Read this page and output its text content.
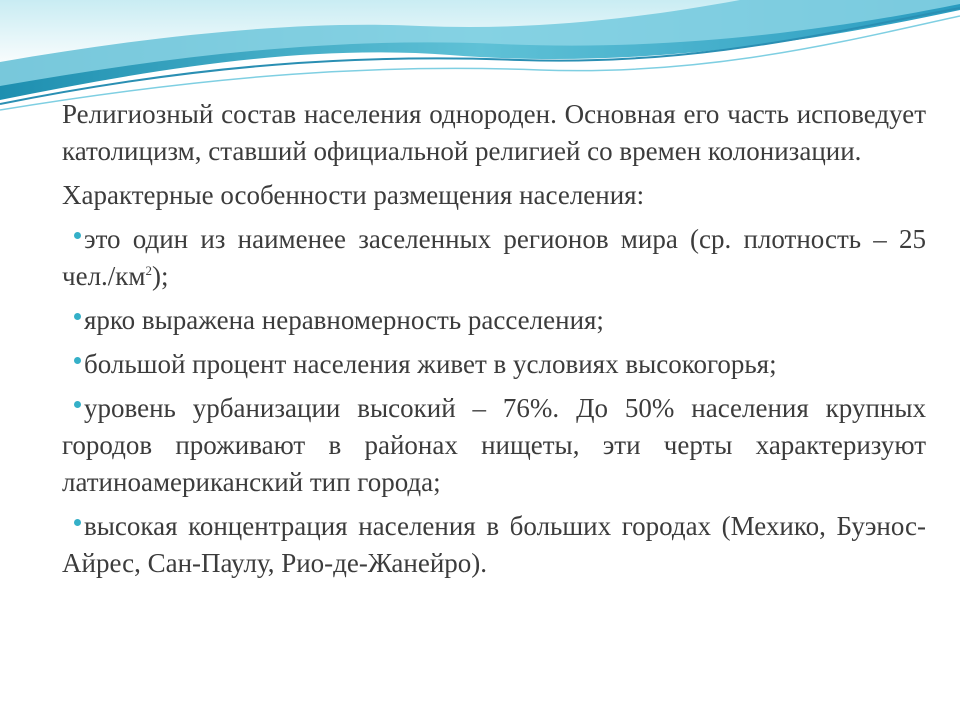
Религиозный состав населения однороден. Основная его часть исповедует католицизм, ставший официальной религией со времен колонизации.

Характерные особенности размещения населения:

это один из наименее заселенных регионов мира (ср. плотность – 25 $чел./км^2$);
ярко выражена неравномерность расселения;
большой процент населения живет в условиях высокогорья;
уровень урбанизации высокий – 76%. До 50% населения крупных городов проживают в районах нищеты, эти черты характеризуют латиноамериканский тип города;
высокая концентрация населения в больших городах (Мехико, Буэнос-Айрес, Сан-Паулу, Рио-де-Жанейро).
